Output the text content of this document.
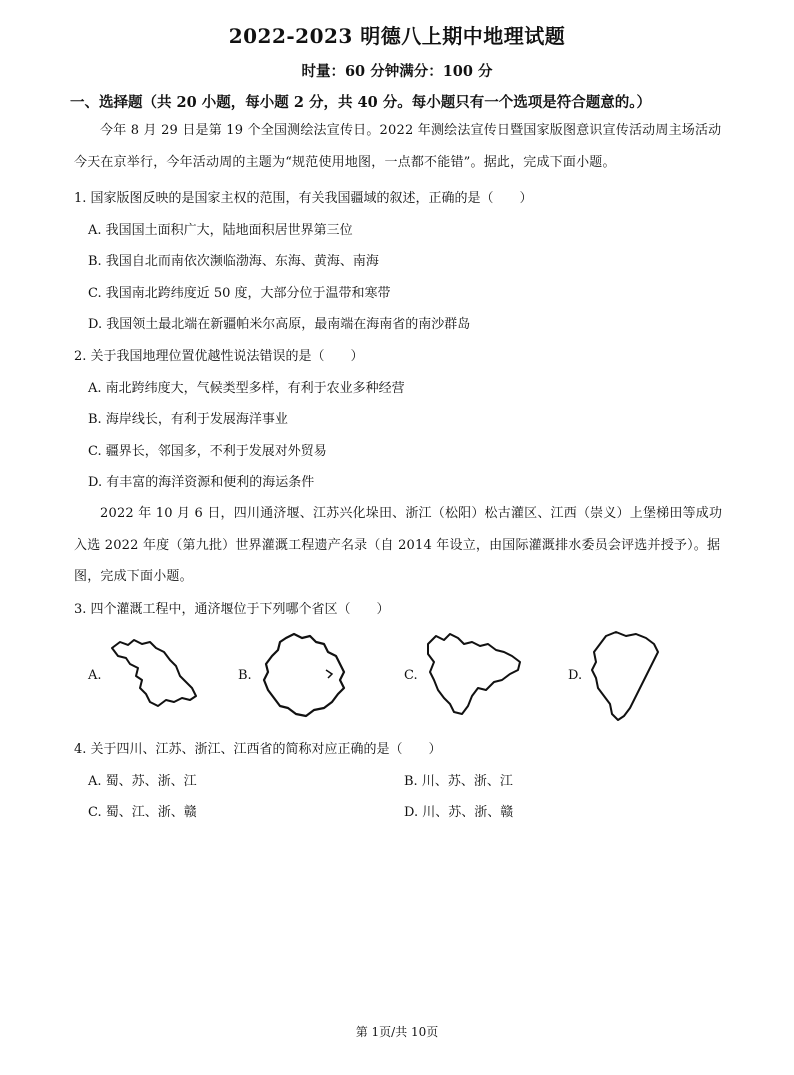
2022-2023 明德八上期中地理试题
时量：60 分钟满分：100 分
一、选择题（共 20 小题，每小题 2 分，共 40 分。每小题只有一个选项是符合题意的。）
今年 8 月 29 日是第 19 个全国测绘法宣传日。2022 年测绘法宣传日暨国家版图意识宣传活动周主场活动今天在京举行，今年活动周的主题为“规范使用地图，一点都不能错”。据此，完成下面小题。
1. 国家版图反映的是国家主权的范围，有关我国疆域的叙述，正确的是（　　）
A. 我国国土面积广大，陆地面积居世界第三位
B. 我国自北而南依次濒临渤海、东海、黄海、南海
C. 我国南北跨纬度近 50 度，大部分位于温带和寒带
D. 我国领土最北端在新疆帕米尔高原，最南端在海南省的南沙群岛
2. 关于我国地理位置优越性说法错误的是（　　）
A. 南北跨纬度大，气候类型多样，有利于农业多种经营
B. 海岸线长，有利于发展海洋事业
C. 疆界长，邻国多，不利于发展对外贸易
D. 有丰富的海洋资源和便利的海运条件
2022 年 10 月 6 日，四川通济堰、江苏兴化垛田、浙江（松阳）松古灌区、江西（崇义）上堡梯田等成功入选 2022 年度（第九批）世界灌溉工程遗产名录（自 2014 年设立，由国际灌溉排水委员会评选并授予）。据图，完成下面小题。
3. 四个灌溉工程中，通济堰位于下列哪个省区（　　）
A.	B.	C.	D.
4. 关于四川、江苏、浙江、江西省的简称对应正确的是（　　）
A. 蜀、苏、浙、江	B. 川、苏、浙、江
C. 蜀、江、浙、赣	D. 川、苏、浙、赣
第 1页/共 10页
